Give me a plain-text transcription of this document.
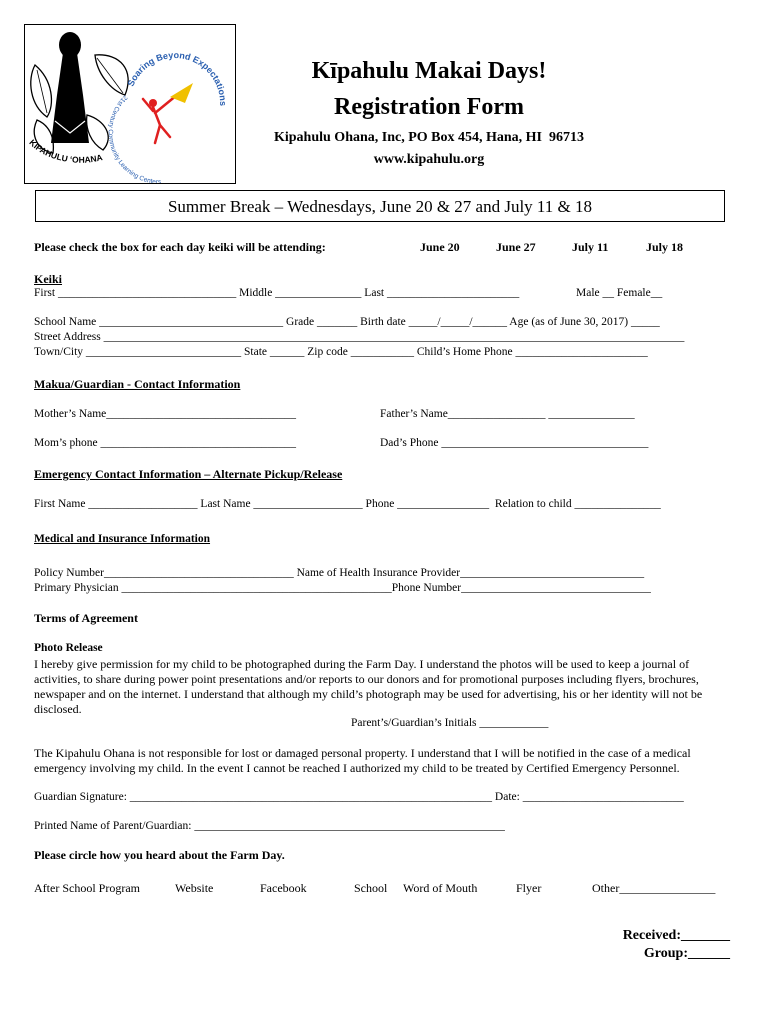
Soaring Beyond Expectations
21st Century Community Learning Centers
KIPAHULU ʻOHANA
Kīpahulu Makai Days!
Registration Form
Kipahulu Ohana, Inc, PO Box 454, Hana, HI  96713
www.kipahulu.org
Summer Break – Wednesdays, June 20 & 27 and July 11 & 18
Please check the box for each day keiki will be attending:	June 20	June 27	July 11	July 18
Keiki
First _______________________________ Middle _______________ Last _______________________	Male __ Female__
School Name ________________________________ Grade _______ Birth date _____/_____/______ Age (as of June 30, 2017) _____
Street Address _____________________________________________________________________________________________________
Town/City ___________________________ State ______ Zip code ___________ Child’s Home Phone _______________________
Makua/Guardian - Contact Information
Mother’s Name_________________________________	Father’s Name_________________ _______________
Mom’s phone __________________________________	Dad’s Phone ____________________________________
Emergency Contact Information – Alternate Pickup/Release
First Name ___________________ Last Name ___________________ Phone ________________  Relation to child _______________
Medical and Insurance Information
Policy Number_________________________________ Name of Health Insurance Provider________________________________
Primary Physician _______________________________________________Phone Number_________________________________
Terms of Agreement
Photo Release
I hereby give permission for my child to be photographed during the Farm Day. I understand the photos will be used to keep a journal of activities, to share during power point presentations and/or reports to our donors and for promotional purposes including flyers, brochures, newspaper and on the internet. I understand that although my child’s photograph may be used for advertising, his or her identity will not be disclosed.
Parent’s/Guardian’s Initials ____________
The Kipahulu Ohana is not responsible for lost or damaged personal property. I understand that I will be notified in the case of a medical emergency involving my child. In the event I cannot be reached I authorized my child to be treated by Certified Emergency Personnel.
Guardian Signature: _______________________________________________________________ Date: ____________________________
Printed Name of Parent/Guardian: ______________________________________________________
Please circle how you heard about the Farm Day.
After School Program	Website	Facebook	School Word of Mouth	Flyer	Other________________
Received:_______
Group:______
